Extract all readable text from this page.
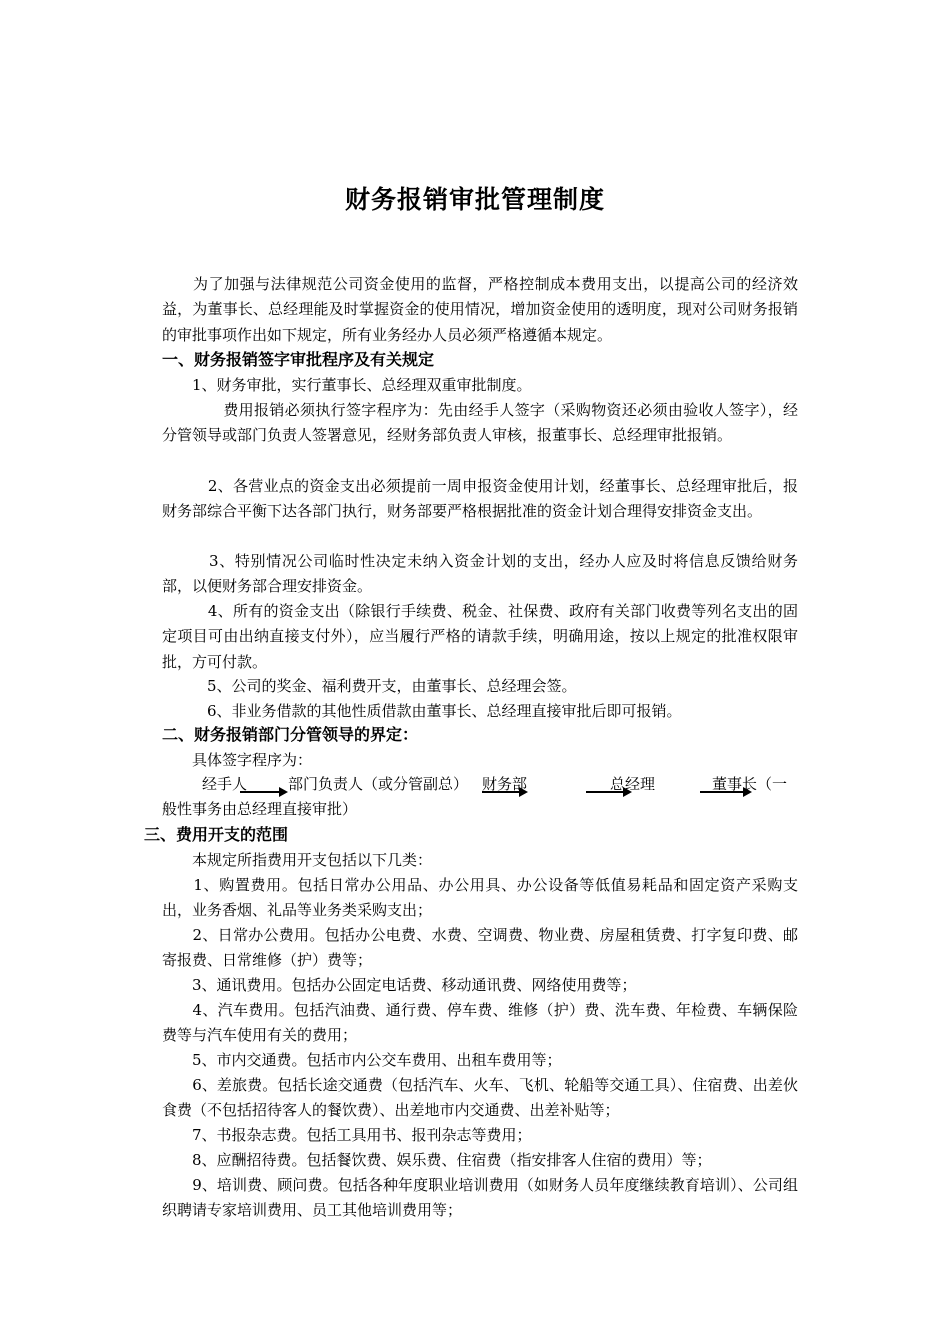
财务报销审批管理制度

　　为了加强与法律规范公司资金使用的监督，严格控制成本费用支出，以提高公司的经济效益，为董事长、总经理能及时掌握资金的使用情况，增加资金使用的透明度，现对公司财务报销的审批事项作出如下规定，所有业务经办人员必须严格遵循本规定。

一、财务报销签字审批程序及有关规定

　　1、财务审批，实行董事长、总经理双重审批制度。

　　　　费用报销必须执行签字程序为：先由经手人签字（采购物资还必须由验收人签字），经分管领导或部门负责人签署意见，经财务部负责人审核，报董事长、总经理审批报销。

　　　2、各营业点的资金支出必须提前一周申报资金使用计划，经董事长、总经理审批后，报财务部综合平衡下达各部门执行，财务部要严格根据批准的资金计划合理得安排资金支出。

　　　3、特别情况公司临时性决定未纳入资金计划的支出，经办人应及时将信息反馈给财务部，以便财务部合理安排资金。

　　　4、所有的资金支出（除银行手续费、税金、社保费、政府有关部门收费等列名支出的固定项目可由出纳直接支付外），应当履行严格的请款手续，明确用途，按以上规定的批准权限审批，方可付款。

　　　5、公司的奖金、福利费开支，由董事长、总经理会签。

　　　6、非业务借款的其他性质借款由董事长、总经理直接审批后即可报销。

二、财务报销部门分管领导的界定：

　　具体签字程序为：

经手人	部门负责人（或分管副总） 财务部	总经理	董事长（一
般性事务由总经理直接审批）

三、费用开支的范围

　　本规定所指费用开支包括以下几类：

　　1、购置费用。包括日常办公用品、办公用具、办公设备等低值易耗品和固定资产采购支出，业务香烟、礼品等业务类采购支出；

　　2、日常办公费用。包括办公电费、水费、空调费、物业费、房屋租赁费、打字复印费、邮寄报费、日常维修（护）费等；

　　3、通讯费用。包括办公固定电话费、移动通讯费、网络使用费等；

　　4、汽车费用。包括汽油费、通行费、停车费、维修（护）费、洗车费、年检费、车辆保险费等与汽车使用有关的费用；

　　5、市内交通费。包括市内公交车费用、出租车费用等；

　　6、差旅费。包括长途交通费（包括汽车、火车、飞机、轮船等交通工具）、住宿费、出差伙食费（不包括招待客人的餐饮费）、出差地市内交通费、出差补贴等；

　　7、书报杂志费。包括工具用书、报刊杂志等费用；

　　8、应酬招待费。包括餐饮费、娱乐费、住宿费（指安排客人住宿的费用）等；

　　9、培训费、顾问费。包括各种年度职业培训费用（如财务人员年度继续教育培训）、公司组织聘请专家培训费用、员工其他培训费用等；
